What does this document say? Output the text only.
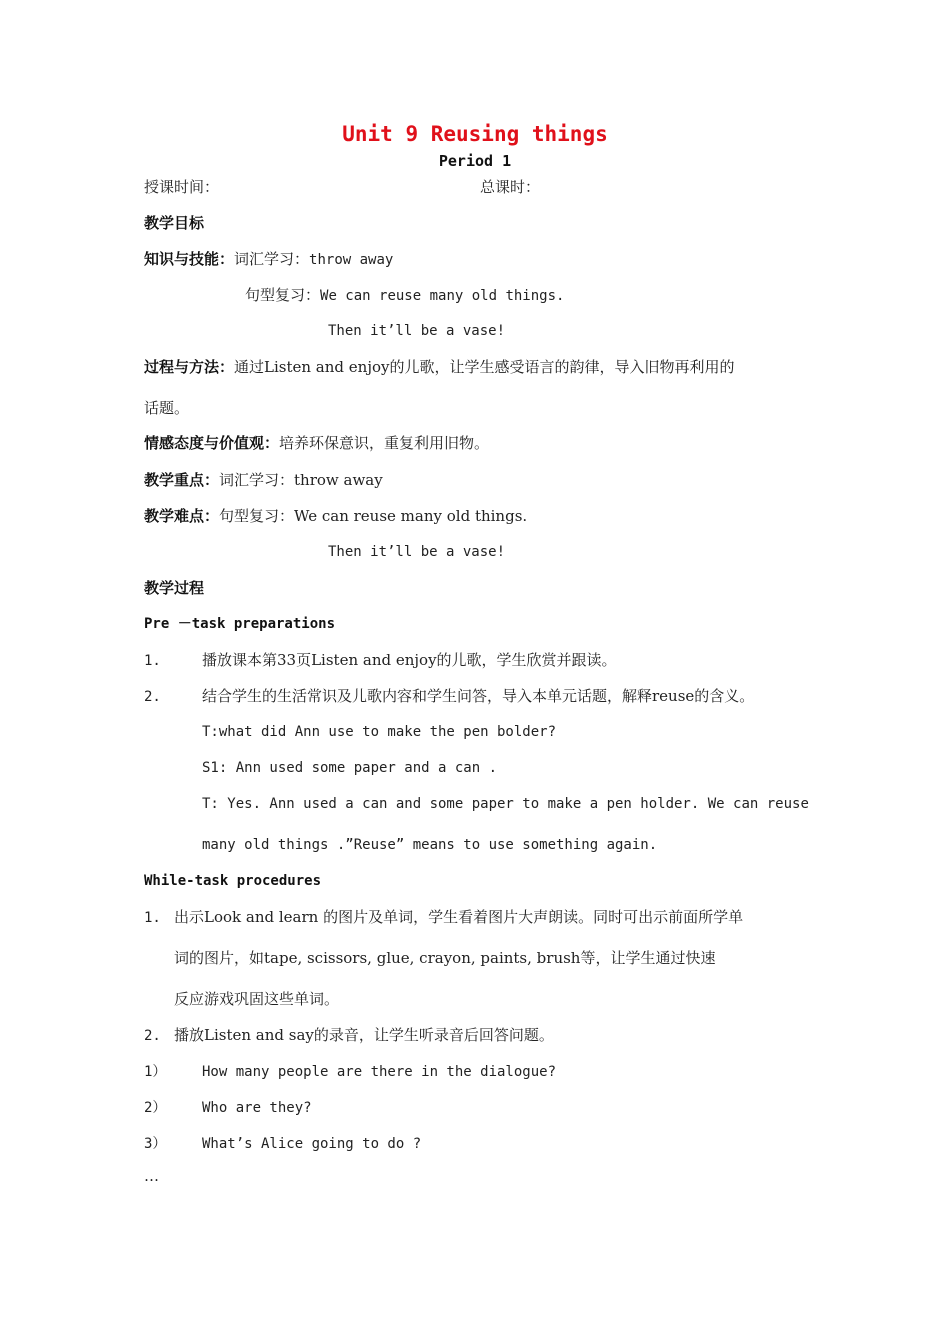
Unit 9 Reusing things
Period 1
授课时间：	总课时：
教学目标
知识与技能：词汇学习：throw away
句型复习：We can reuse many old things.
Then it’ll be a vase!
过程与方法：通过Listen and enjoy的儿歌，让学生感受语言的韵律，导入旧物再利用的
话题。
情感态度与价值观：培养环保意识，重复利用旧物。
教学重点：词汇学习：throw away
教学难点：句型复习：We can reuse many old things.
Then it’ll be a vase!
教学过程
Pre －task preparations
1.	播放课本第33页Listen and enjoy的儿歌，学生欣赏并跟读。
2.	结合学生的生活常识及儿歌内容和学生问答，导入本单元话题，解释reuse的含义。
T:what did Ann use to make the pen bolder?
S1: Ann used some paper and a can .
T: Yes. Ann used a can and some paper to make a pen holder. We can reuse
many old things .”Reuse” means to use something again.
While-task procedures
1. 出示Look and learn 的图片及单词，学生看着图片大声朗读。同时可出示前面所学单
词的图片，如tape, scissors, glue, crayon, paints, brush等，让学生通过快速
反应游戏巩固这些单词。
2. 播放Listen and say的录音，让学生听录音后回答问题。
1）	How many people are there in the dialogue?
2）	Who are they?
3）	What’s Alice going to do ?
…
